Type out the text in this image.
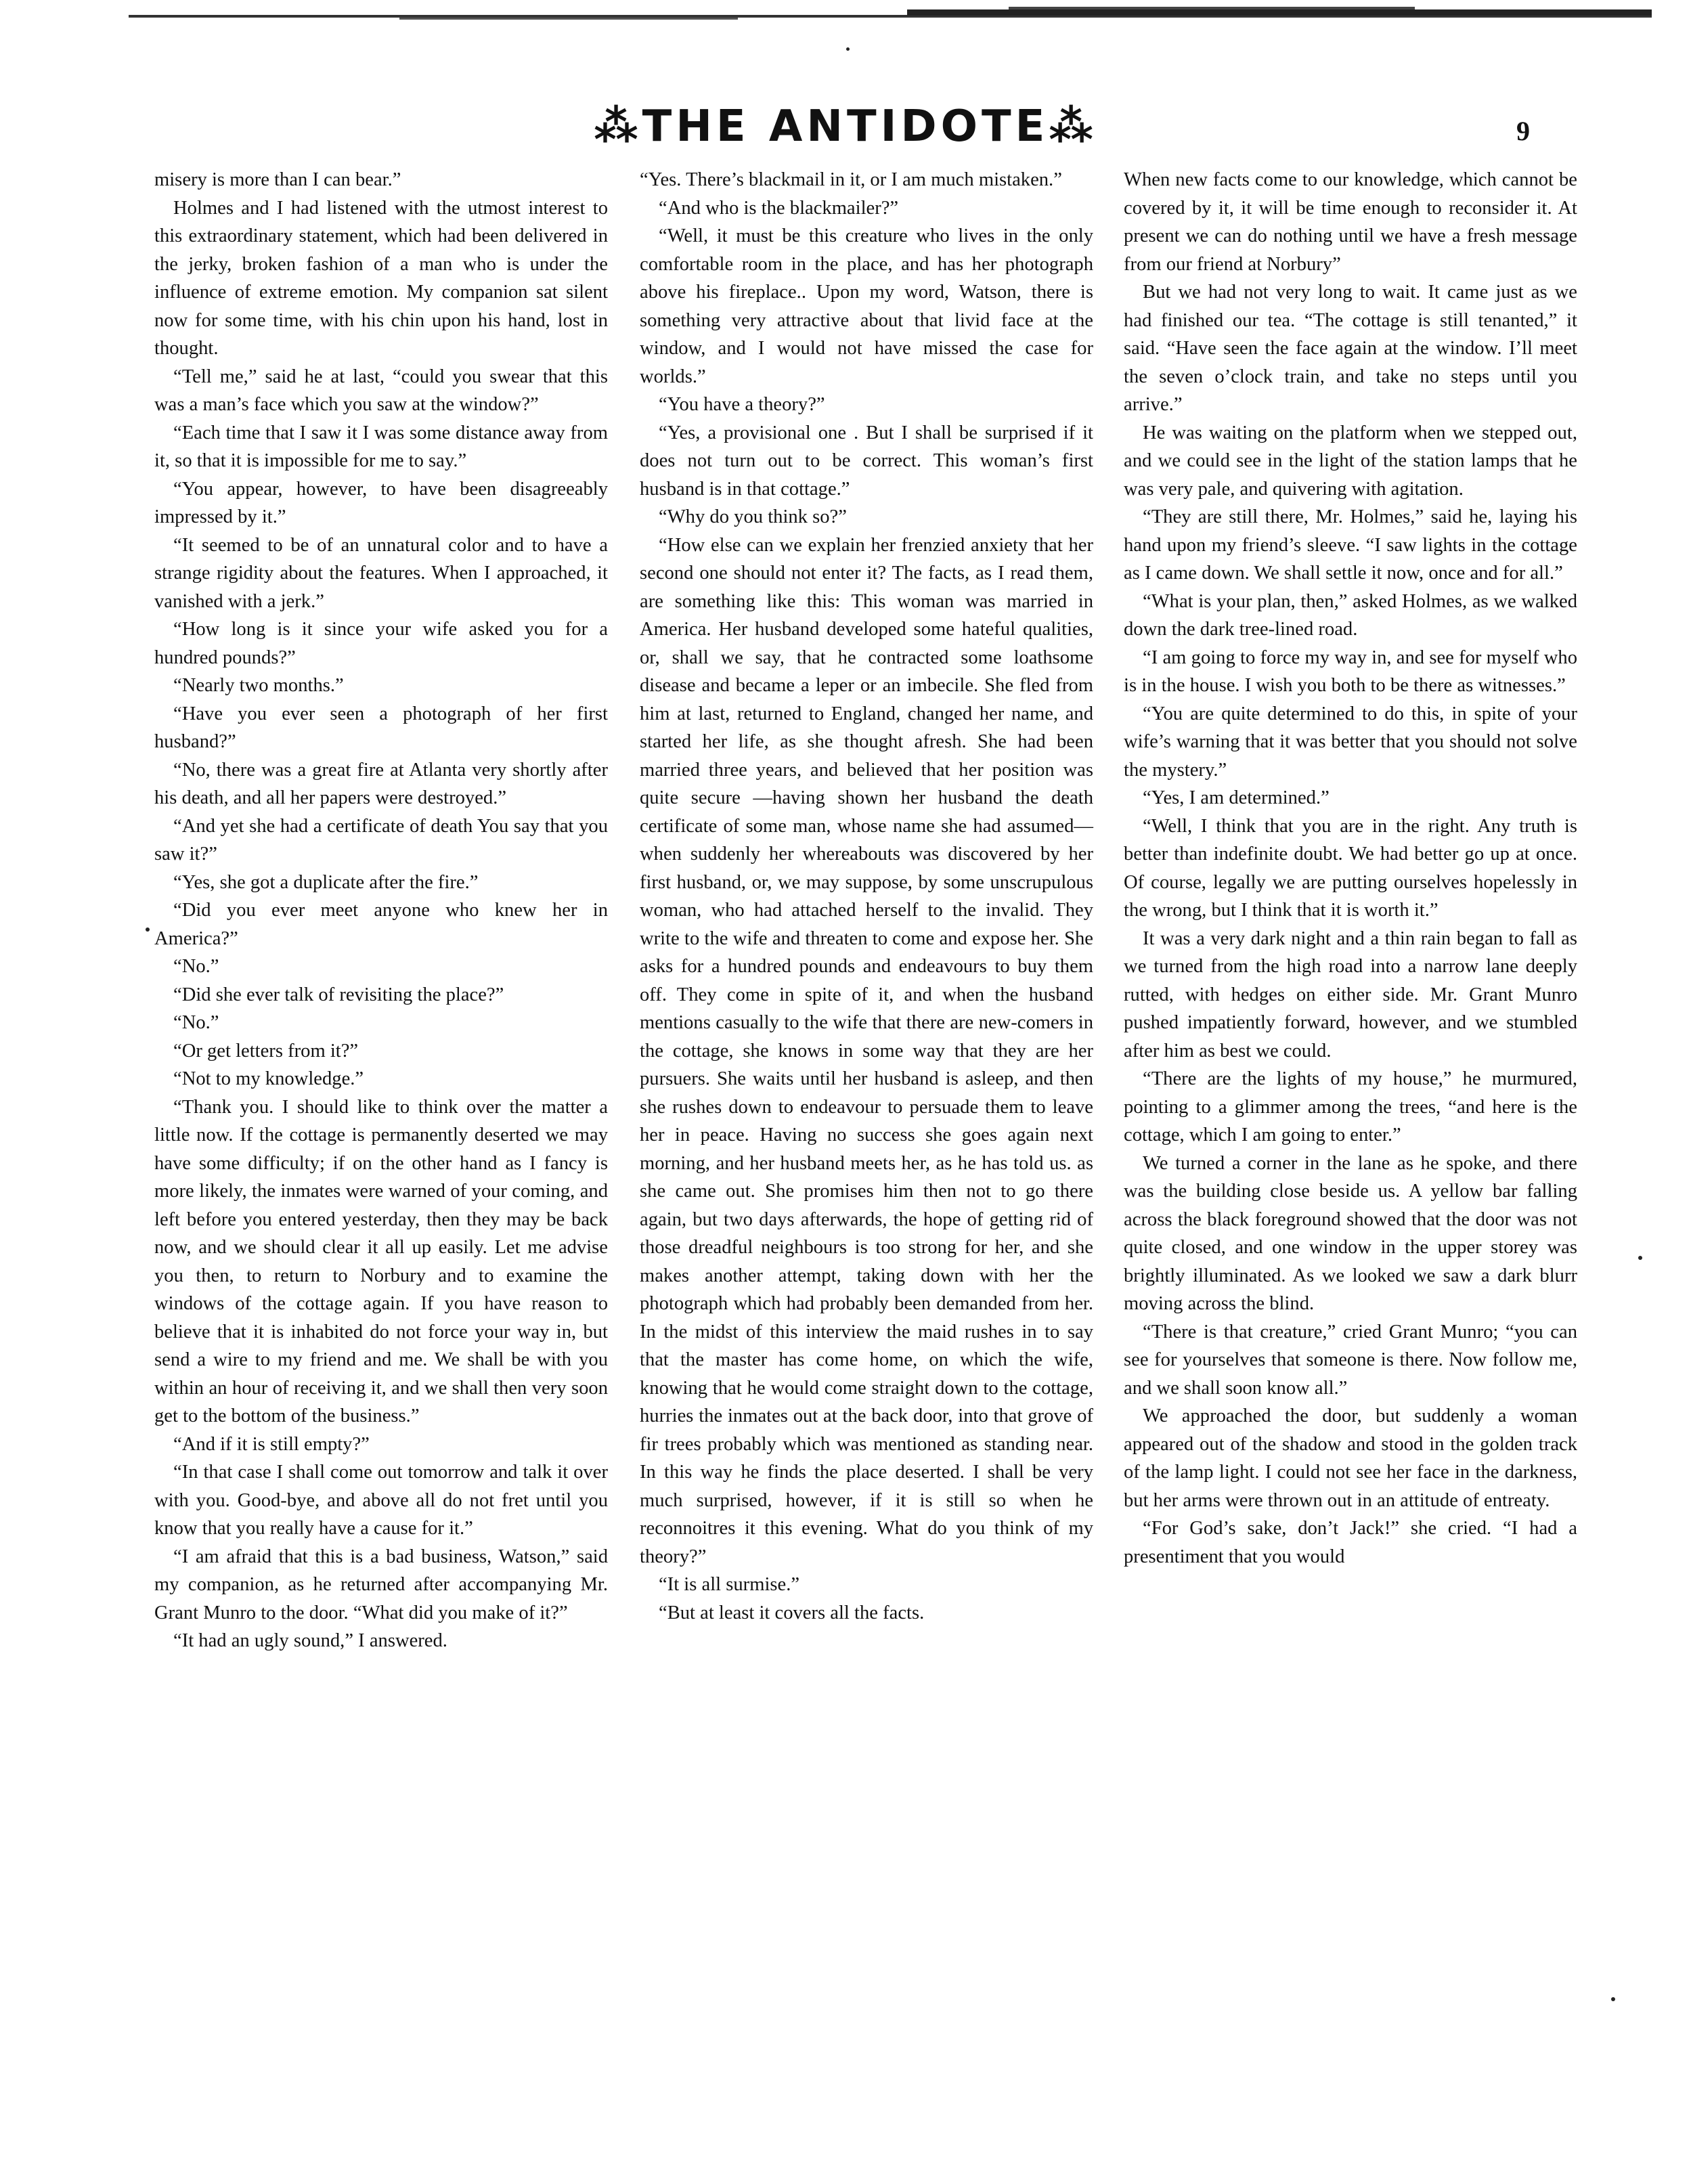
⁂THE ANTIDOTE⁂	9

misery is more than I can bear.”

Holmes and I had listened with the utmost interest to this extraordinary statement, which had been delivered in the jerky, broken fashion of a man who is under the influence of extreme emotion. My companion sat silent now for some time, with his chin upon his hand, lost in thought.

“Tell me,” said he at last, “could you swear that this was a man’s face which you saw at the window?”

“Each time that I saw it I was some distance away from it, so that it is impossible for me to say.”

“You appear, however, to have been disagreeably impressed by it.”

“It seemed to be of an unnatural color and to have a strange rigidity about the features. When I approached, it vanished with a jerk.”

“How long is it since your wife asked you for a hundred pounds?”

“Nearly two months.”

“Have you ever seen a photograph of her first husband?”

“No, there was a great fire at Atlanta very shortly after his death, and all her papers were destroyed.”

“And yet she had a certificate of death You say that you saw it?”

“Yes, she got a duplicate after the fire.”

“Did you ever meet anyone who knew her in America?”

“No.”

“Did she ever talk of revisiting the place?”

“No.”

“Or get letters from it?”

“Not to my knowledge.”

“Thank you. I should like to think over the matter a little now. If the cottage is permanently deserted we may have some difficulty; if on the other hand as I fancy is more likely, the inmates were warned of your coming, and left before you entered yesterday, then they may be back now, and we should clear it all up easily. Let me advise you then, to return to Norbury and to examine the windows of the cottage again. If you have reason to believe that it is inhabited do not force your way in, but send a wire to my friend and me. We shall be with you within an hour of receiving it, and we shall then very soon get to the bottom of the business.”

“And if it is still empty?”

“In that case I shall come out tomorrow and talk it over with you. Good-bye, and above all do not fret until you know that you really have a cause for it.”

“I am afraid that this is a bad business, Watson,” said my companion, as he returned after accompanying Mr. Grant Munro to the door. “What did you make of it?”

“It had an ugly sound,” I answered.

“Yes. There’s blackmail in it, or I am much mistaken.”

“And who is the blackmailer?”

“Well, it must be this creature who lives in the only comfortable room in the place, and has her photograph above his fireplace.. Upon my word, Watson, there is something very attractive about that livid face at the window, and I would not have missed the case for worlds.”

“You have a theory?”

“Yes, a provisional one . But I shall be surprised if it does not turn out to be correct. This woman’s first husband is in that cottage.”

“Why do you think so?”

“How else can we explain her frenzied anxiety that her second one should not enter it? The facts, as I read them, are something like this: This woman was married in America. Her husband developed some hateful qualities, or, shall we say, that he contracted some loathsome disease and became a leper or an imbecile. She fled from him at last, returned to England, changed her name, and started her life, as she thought afresh. She had been married three years, and believed that her position was quite secure —having shown her husband the death certificate of some man, whose name she had assumed—when suddenly her whereabouts was discovered by her first husband, or, we may suppose, by some unscrupulous woman, who had attached herself to the invalid. They write to the wife and threaten to come and expose her. She asks for a hundred pounds and endeavours to buy them off. They come in spite of it, and when the husband mentions casually to the wife that there are new-comers in the cottage, she knows in some way that they are her pursuers. She waits until her husband is asleep, and then she rushes down to endeavour to persuade them to leave her in peace. Having no success she goes again next morning, and her husband meets her, as he has told us. as she came out. She promises him then not to go there again, but two days afterwards, the hope of getting rid of those dreadful neighbours is too strong for her, and she makes another attempt, taking down with her the photograph which had probably been demanded from her. In the midst of this interview the maid rushes in to say that the master has come home, on which the wife, knowing that he would come straight down to the cottage, hurries the inmates out at the back door, into that grove of fir trees probably which was mentioned as standing near. In this way he finds the place deserted. I shall be very much surprised, however, if it is still so when he reconnoitres it this evening. What do you think of my theory?”

“It is all surmise.”

“But at least it covers all the facts.

When new facts come to our knowledge, which cannot be covered by it, it will be time enough to reconsider it. At present we can do nothing until we have a fresh message from our friend at Norbury”

But we had not very long to wait. It came just as we had finished our tea. “The cottage is still tenanted,” it said. “Have seen the face again at the window. I’ll meet the seven o’clock train, and take no steps until you arrive.”

He was waiting on the platform when we stepped out, and we could see in the light of the station lamps that he was very pale, and quivering with agitation.

“They are still there, Mr. Holmes,” said he, laying his hand upon my friend’s sleeve. “I saw lights in the cottage as I came down. We shall settle it now, once and for all.”

“What is your plan, then,” asked Holmes, as we walked down the dark tree-lined road.

“I am going to force my way in, and see for myself who is in the house. I wish you both to be there as witnesses.”

“You are quite determined to do this, in spite of your wife’s warning that it was better that you should not solve the mystery.”

“Yes, I am determined.”

“Well, I think that you are in the right. Any truth is better than indefinite doubt. We had better go up at once. Of course, legally we are putting ourselves hopelessly in the wrong, but I think that it is worth it.”

It was a very dark night and a thin rain began to fall as we turned from the high road into a narrow lane deeply rutted, with hedges on either side. Mr. Grant Munro pushed impatiently forward, however, and we stumbled after him as best we could.

“There are the lights of my house,” he murmured, pointing to a glimmer among the trees, “and here is the cottage, which I am going to enter.”

We turned a corner in the lane as he spoke, and there was the building close beside us. A yellow bar falling across the black foreground showed that the door was not quite closed, and one window in the upper storey was brightly illuminated. As we looked we saw a dark blurr moving across the blind.

“There is that creature,” cried Grant Munro; “you can see for yourselves that someone is there. Now follow me, and we shall soon know all.”

We approached the door, but suddenly a woman appeared out of the shadow and stood in the golden track of the lamp light. I could not see her face in the darkness, but her arms were thrown out in an attitude of entreaty.

“For God’s sake, don’t Jack!” she cried. “I had a presentiment that you would
